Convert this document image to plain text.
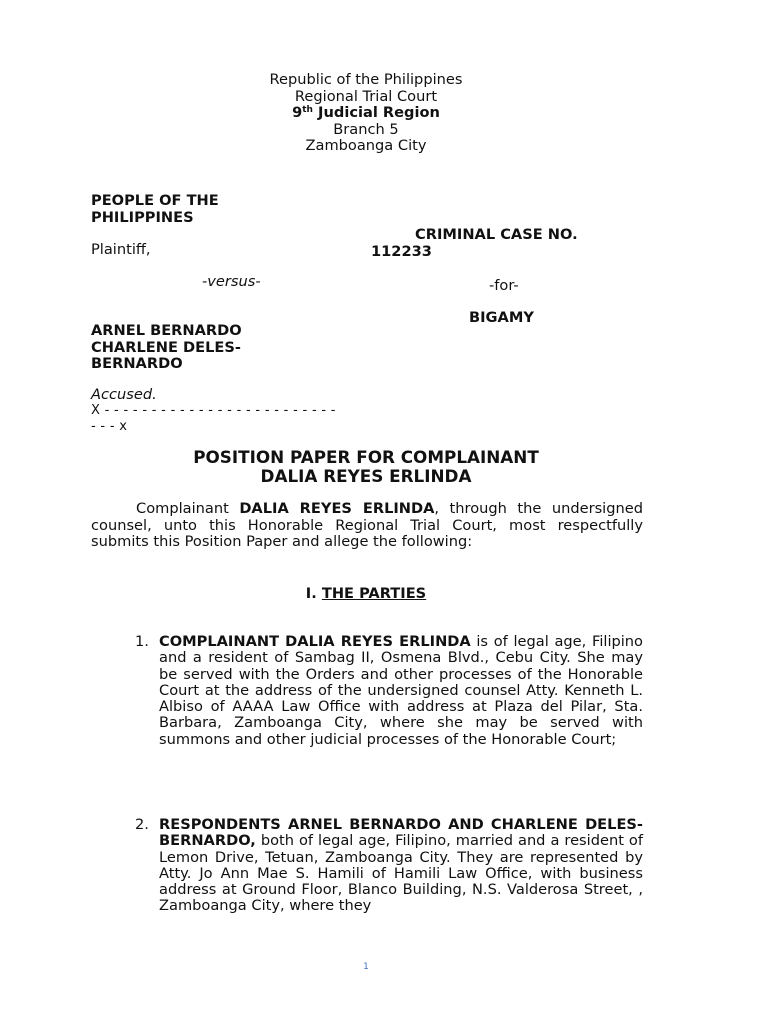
Republic of the Philippines
Regional Trial Court
9th Judicial Region
Branch 5
Zamboanga City
PEOPLE OF THE
PHILIPPINES
Plaintiff,
-versus-
ARNEL BERNARDO
CHARLENE DELES-
BERNARDO
Accused.
X - - - - - - - - - - - - - - - - - - - - - - - - -
- - - x
CRIMINAL CASE NO.
112233
-for-
BIGAMY
POSITION PAPER FOR COMPLAINANT
DALIA REYES ERLINDA
Complainant DALIA REYES ERLINDA, through the undersigned counsel, unto this Honorable Regional Trial Court, most respectfully submits this Position Paper and allege the following:
I. THE PARTIES
1. COMPLAINANT DALIA REYES ERLINDA is of legal age, Filipino and a resident of Sambag II, Osmena Blvd., Cebu City. She may be served with the Orders and other processes of the Honorable Court at the address of the undersigned counsel Atty. Kenneth L. Albiso of AAAA Law Office with address at Plaza del Pilar, Sta. Barbara, Zamboanga City, where she may be served with summons and other judicial processes of the Honorable Court;
2. RESPONDENTS ARNEL BERNARDO AND CHARLENE DELES-BERNARDO, both of legal age, Filipino, married and a resident of Lemon Drive, Tetuan, Zamboanga City. They are represented by Atty. Jo Ann Mae S. Hamili of Hamili Law Office, with business address at Ground Floor, Blanco Building, N.S. Valderosa Street, , Zamboanga City, where they
1
